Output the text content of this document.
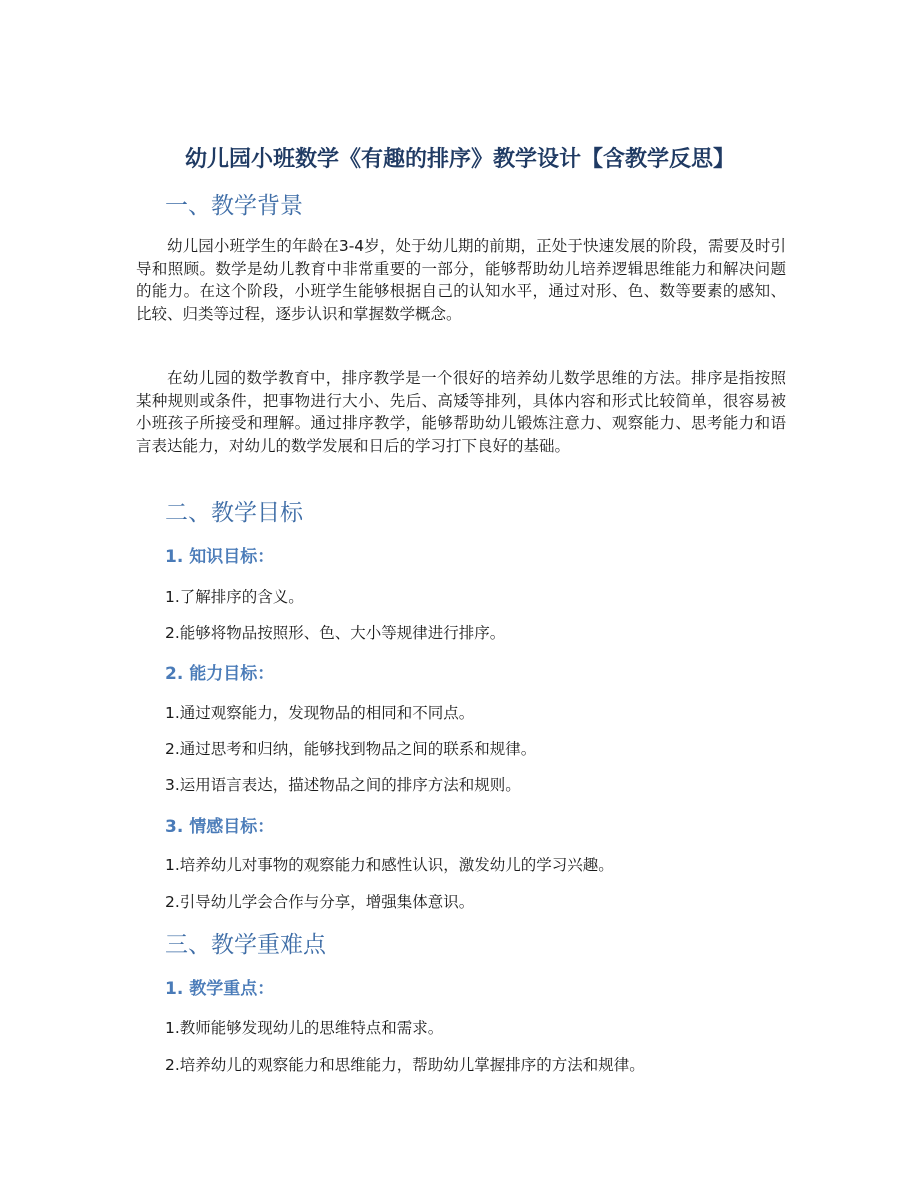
幼儿园小班数学《有趣的排序》教学设计【含教学反思】
一、教学背景

幼儿园小班学生的年龄在3-4岁，处于幼儿期的前期，正处于快速发展的阶段，需要及时引导和照顾。数学是幼儿教育中非常重要的一部分，能够帮助幼儿培养逻辑思维能力和解决问题的能力。在这个阶段，小班学生能够根据自己的认知水平，通过对形、色、数等要素的感知、比较、归类等过程，逐步认识和掌握数学概念。

在幼儿园的数学教育中，排序教学是一个很好的培养幼儿数学思维的方法。排序是指按照某种规则或条件，把事物进行大小、先后、高矮等排列，具体内容和形式比较简单，很容易被小班孩子所接受和理解。通过排序教学，能够帮助幼儿锻炼注意力、观察能力、思考能力和语言表达能力，对幼儿的数学发展和日后的学习打下良好的基础。

二、教学目标
1. 知识目标：

1.了解排序的含义。

2.能够将物品按照形、色、大小等规律进行排序。

2. 能力目标：

1.通过观察能力，发现物品的相同和不同点。

2.通过思考和归纳，能够找到物品之间的联系和规律。

3.运用语言表达，描述物品之间的排序方法和规则。

3. 情感目标：

1.培养幼儿对事物的观察能力和感性认识，激发幼儿的学习兴趣。

2.引导幼儿学会合作与分享，增强集体意识。

三、教学重难点
1. 教学重点：

1.教师能够发现幼儿的思维特点和需求。

2.培养幼儿的观察能力和思维能力，帮助幼儿掌握排序的方法和规律。
